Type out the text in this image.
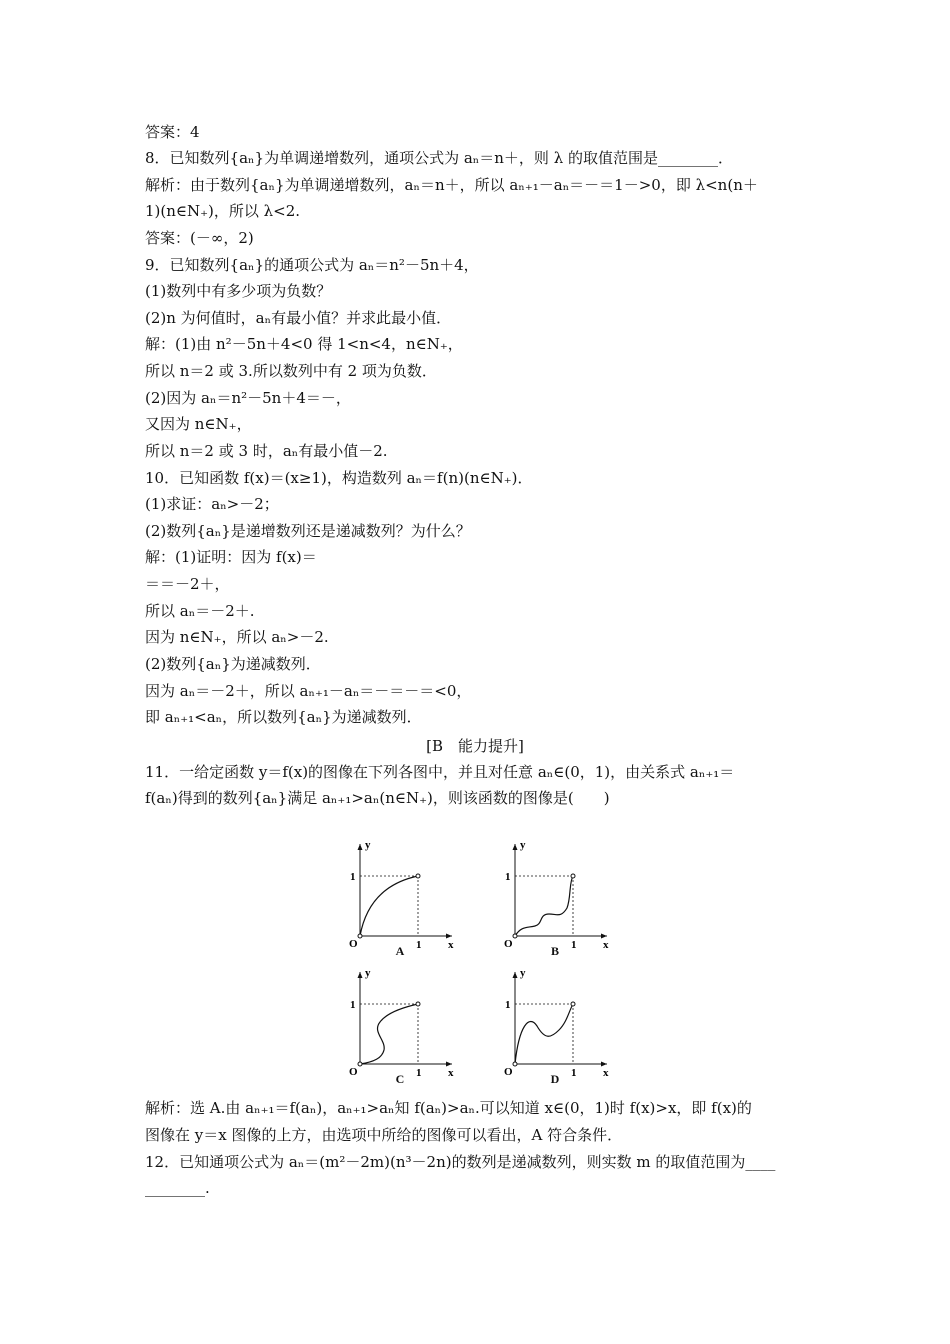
答案：4
8．已知数列{aₙ}为单调递增数列，通项公式为 aₙ＝n＋，则 λ 的取值范围是________．
解析：由于数列{aₙ}为单调递增数列，aₙ＝n＋，所以 aₙ₊₁－aₙ＝－＝1－>0，即 λ<n(n＋
1)(n∈N₊)，所以 λ<2.
答案：(－∞，2)
9．已知数列{aₙ}的通项公式为 aₙ＝n²－5n＋4，
(1)数列中有多少项为负数？
(2)n 为何值时，aₙ有最小值？并求此最小值．
解：(1)由 n²－5n＋4<0 得 1<n<4，n∈N₊，
所以 n＝2 或 3.所以数列中有 2 项为负数．
(2)因为 aₙ＝n²－5n＋4＝－，
又因为 n∈N₊，
所以 n＝2 或 3 时，aₙ有最小值－2.
10．已知函数 f(x)＝(x≥1)，构造数列 aₙ＝f(n)(n∈N₊)．
(1)求证：aₙ>－2；
(2)数列{aₙ}是递增数列还是递减数列？为什么？
解：(1)证明：因为 f(x)＝
＝＝－2＋，
所以 aₙ＝－2＋.
因为 n∈N₊，所以 aₙ>－2.
(2)数列{aₙ}为递减数列．
因为 aₙ＝－2＋，所以 aₙ₊₁－aₙ＝－＝－＝<0，
即 aₙ₊₁<aₙ，所以数列{aₙ}为递减数列．
[B　能力提升]
11．一给定函数 y＝f(x)的图像在下列各图中，并且对任意 aₙ∈(0，1)，由关系式 aₙ₊₁＝
f(aₙ)得到的数列{aₙ}满足 aₙ₊₁>aₙ(n∈N₊)，则该函数的图像是(　　)
y
x
O	1
1
A
y
x
O	1
1
B
y
x
O	1
1
C
y
x
O	1
1
D
解析：选 A.由 aₙ₊₁＝f(aₙ)，aₙ₊₁>aₙ知 f(aₙ)>aₙ.可以知道 x∈(0，1)时 f(x)>x，即 f(x)的
图像在 y＝x 图像的上方，由选项中所给的图像可以看出，A 符合条件．
12．已知通项公式为 aₙ＝(m²－2m)(n³－2n)的数列是递减数列，则实数 m 的取值范围为____
________.
